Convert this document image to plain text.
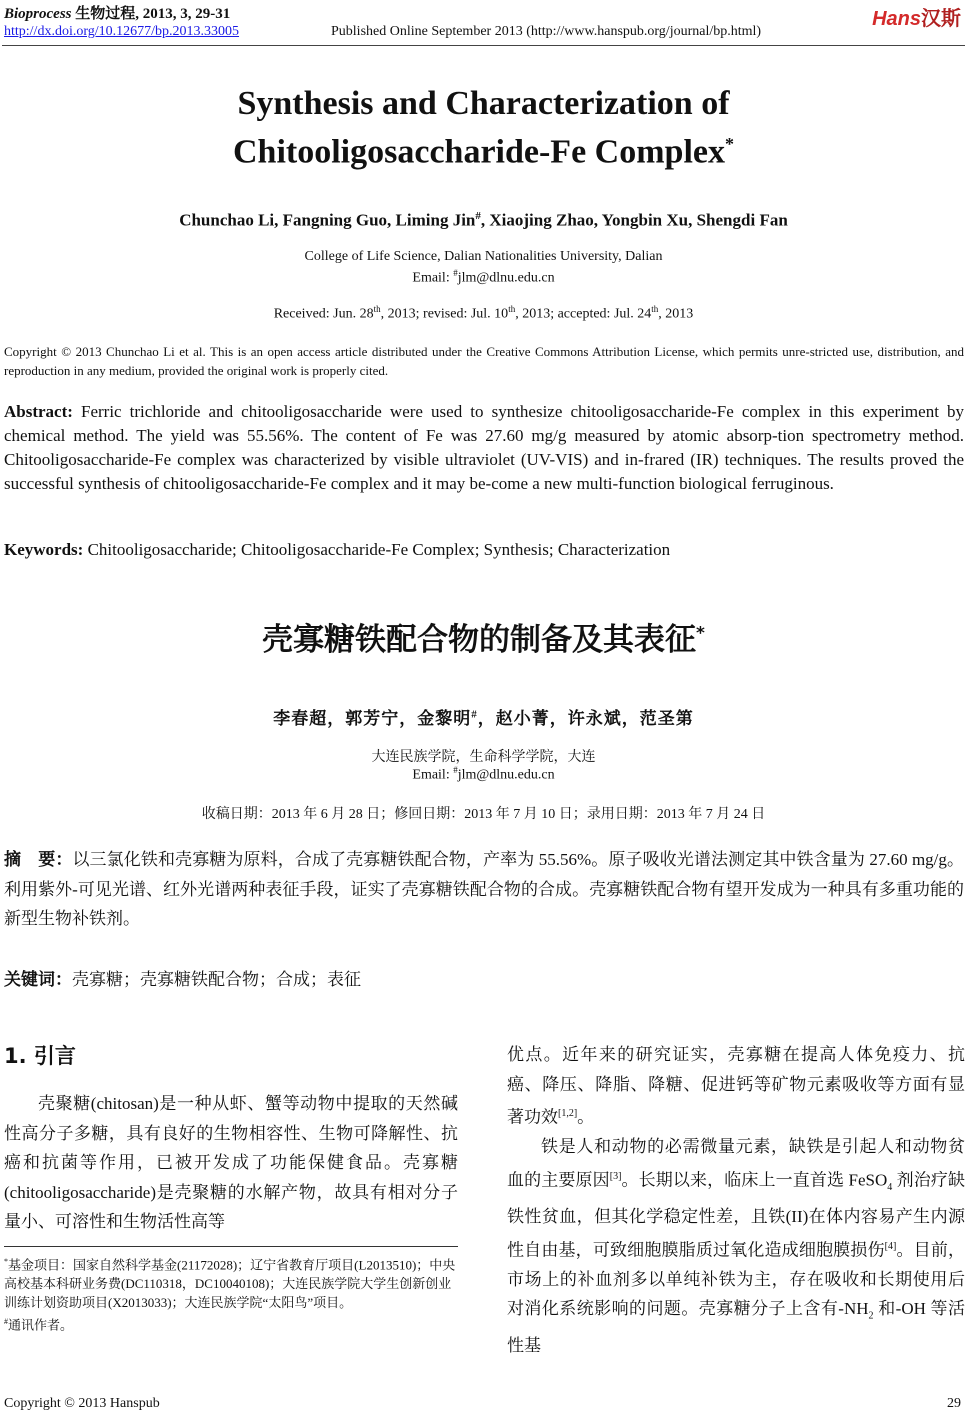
Bioprocess 生物过程, 2013, 3, 29-31
http://dx.doi.org/10.12677/bp.2013.33005	Published Online September 2013 (http://www.hanspub.org/journal/bp.html)
Hans汉斯
Synthesis and Characterization of
Chitooligosaccharide-Fe Complex*
Chunchao Li, Fangning Guo, Liming Jin#, Xiaojing Zhao, Yongbin Xu, Shengdi Fan
College of Life Science, Dalian Nationalities University, Dalian
Email: #jlm@dlnu.edu.cn
Received: Jun. 28th, 2013; revised: Jul. 10th, 2013; accepted: Jul. 24th, 2013
Copyright © 2013 Chunchao Li et al. This is an open access article distributed under the Creative Commons Attribution License, which permits unre-stricted use, distribution, and reproduction in any medium, provided the original work is properly cited.
Abstract: Ferric trichloride and chitooligosaccharide were used to synthesize chitooligosaccharide-Fe complex in this experiment by chemical method. The yield was 55.56%. The content of Fe was 27.60 mg/g measured by atomic absorp-tion spectrometry method. Chitooligosaccharide-Fe complex was characterized by visible ultraviolet (UV-VIS) and in-frared (IR) techniques. The results proved the successful synthesis of chitooligosaccharide-Fe complex and it may be-come a new multi-function biological ferruginous.
Keywords: Chitooligosaccharide; Chitooligosaccharide-Fe Complex; Synthesis; Characterization
壳寡糖铁配合物的制备及其表征*
李春超，郭芳宁，金黎明#，赵小菁，许永斌，范圣第
大连民族学院，生命科学学院，大连
Email: #jlm@dlnu.edu.cn
收稿日期：2013 年 6 月 28 日；修回日期：2013 年 7 月 10 日；录用日期：2013 年 7 月 24 日
摘　要：以三氯化铁和壳寡糖为原料，合成了壳寡糖铁配合物，产率为 55.56%。原子吸收光谱法测定其中铁含量为 27.60 mg/g。利用紫外-可见光谱、红外光谱两种表征手段，证实了壳寡糖铁配合物的合成。壳寡糖铁配合物有望开发成为一种具有多重功能的新型生物补铁剂。
关键词：壳寡糖；壳寡糖铁配合物；合成；表征
1. 引言

壳聚糖(chitosan)是一种从虾、蟹等动物中提取的天然碱性高分子多糖，具有良好的生物相容性、生物可降解性、抗癌和抗菌等作用，已被开发成了功能保健食品。壳寡糖(chitooligosaccharide)是壳聚糖的水解产物，故具有相对分子量小、可溶性和生物活性高等

*基金项目：国家自然科学基金(21172028)；辽宁省教育厅项目(L2013510)；中央高校基本科研业务费(DC110318，DC10040108)；大连民族学院大学生创新创业训练计划资助项目(X2013033)；大连民族学院“太阳鸟”项目。
#通讯作者。

优点。近年来的研究证实，壳寡糖在提高人体免疫力、抗癌、降压、降脂、降糖、促进钙等矿物元素吸收等方面有显著功效[1,2]。

铁是人和动物的必需微量元素，缺铁是引起人和动物贫血的主要原因[3]。长期以来，临床上一直首选 FeSO$_4$ 剂治疗缺铁性贫血，但其化学稳定性差，且铁(II)在体内容易产生内源性自由基，可致细胞膜脂质过氧化造成细胞膜损伤[4]。目前，市场上的补血剂多以单纯补铁为主，存在吸收和长期使用后对消化系统影响的问题。壳寡糖分子上含有$-NH_2$ 和-OH 等活性基

Copyright © 2013 Hanspub	29
